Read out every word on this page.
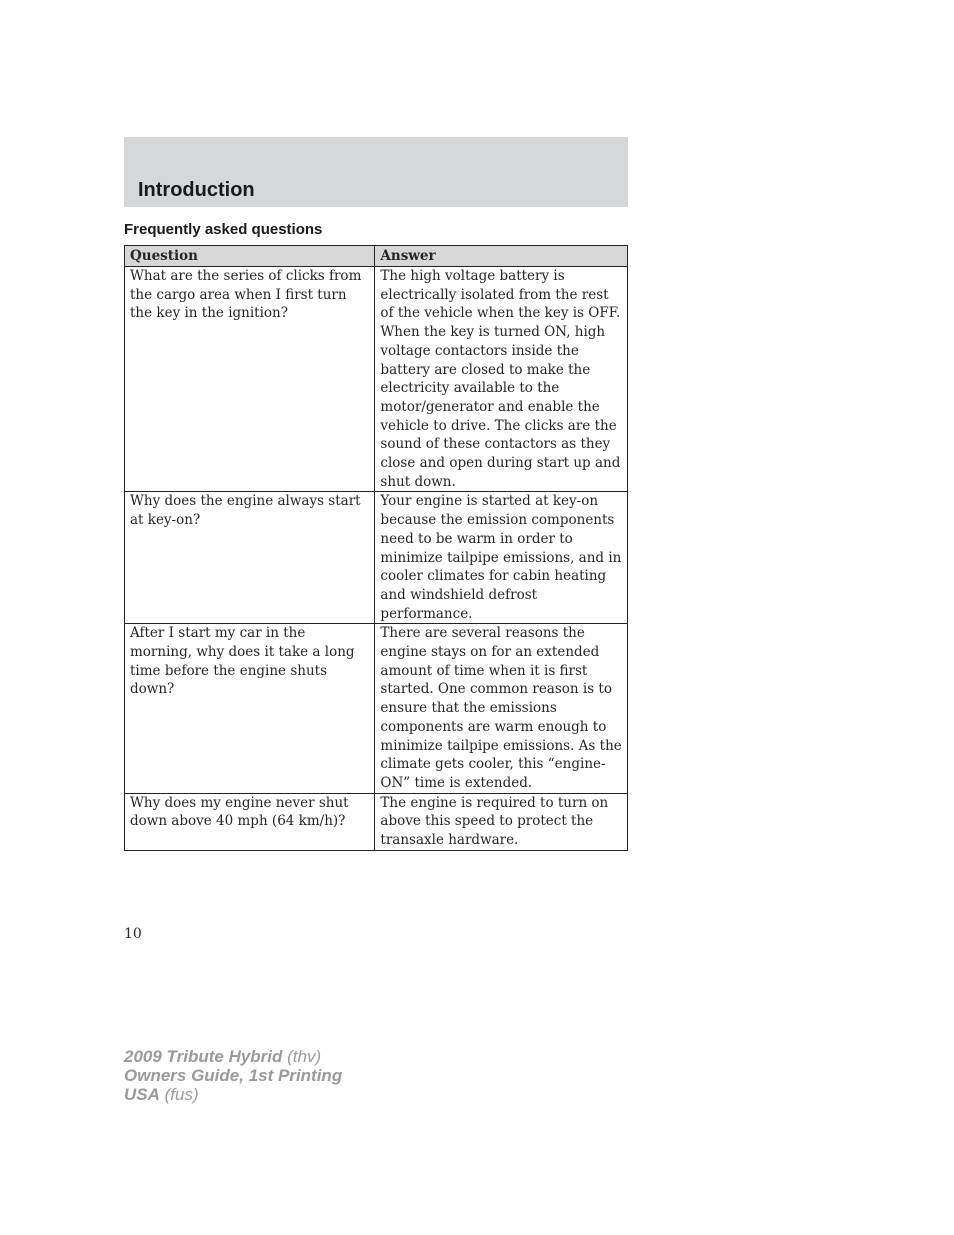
Introduction
Frequently asked questions
Question	Answer
What are the series of clicks from the cargo area when I first turn the key in the ignition?	The high voltage battery is electrically isolated from the rest of the vehicle when the key is OFF. When the key is turned ON, high voltage contactors inside the battery are closed to make the electricity available to the motor/generator and enable the vehicle to drive. The clicks are the sound of these contactors as they close and open during start up and shut down.
Why does the engine always start at key-on?	Your engine is started at key-on because the emission components need to be warm in order to minimize tailpipe emissions, and in cooler climates for cabin heating and windshield defrost performance.
After I start my car in the morning, why does it take a long time before the engine shuts down?	There are several reasons the engine stays on for an extended amount of time when it is first started. One common reason is to ensure that the emissions components are warm enough to minimize tailpipe emissions. As the climate gets cooler, this “engine-ON” time is extended.
Why does my engine never shut down above 40 mph (64 km/h)?	The engine is required to turn on above this speed to protect the transaxle hardware.
10
2009 Tribute Hybrid (thv)
Owners Guide, 1st Printing
USA (fus)
